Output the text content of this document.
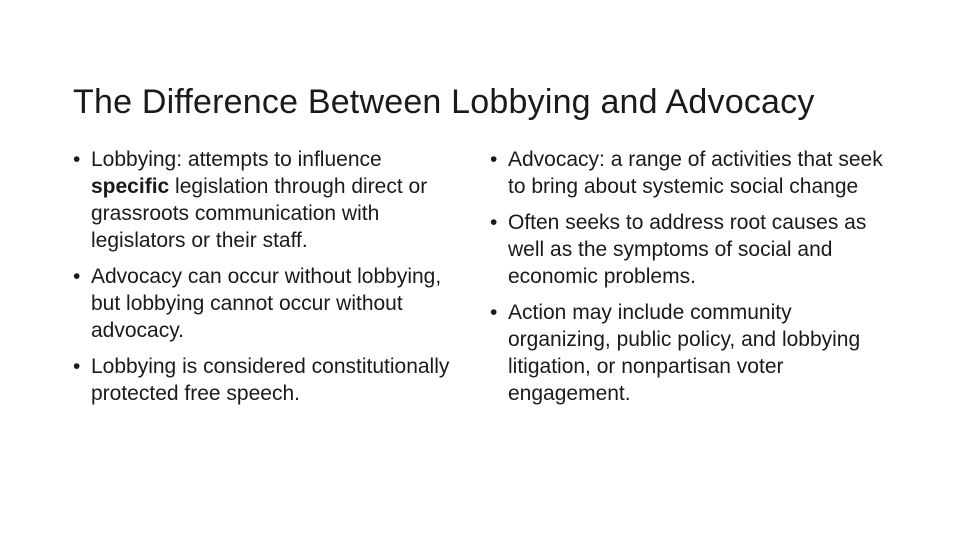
The Difference Between Lobbying and Advocacy
• Lobbying: attempts to influence specific legislation through direct or grassroots communication with legislators or their staff.
• Advocacy can occur without lobbying, but lobbying cannot occur without advocacy.
• Lobbying is considered constitutionally protected free speech.
• Advocacy: a range of activities that seek to bring about systemic social change
• Often seeks to address root causes as well as the symptoms of social and economic problems.
• Action may include community organizing, public policy, and lobbying litigation, or nonpartisan voter engagement.
